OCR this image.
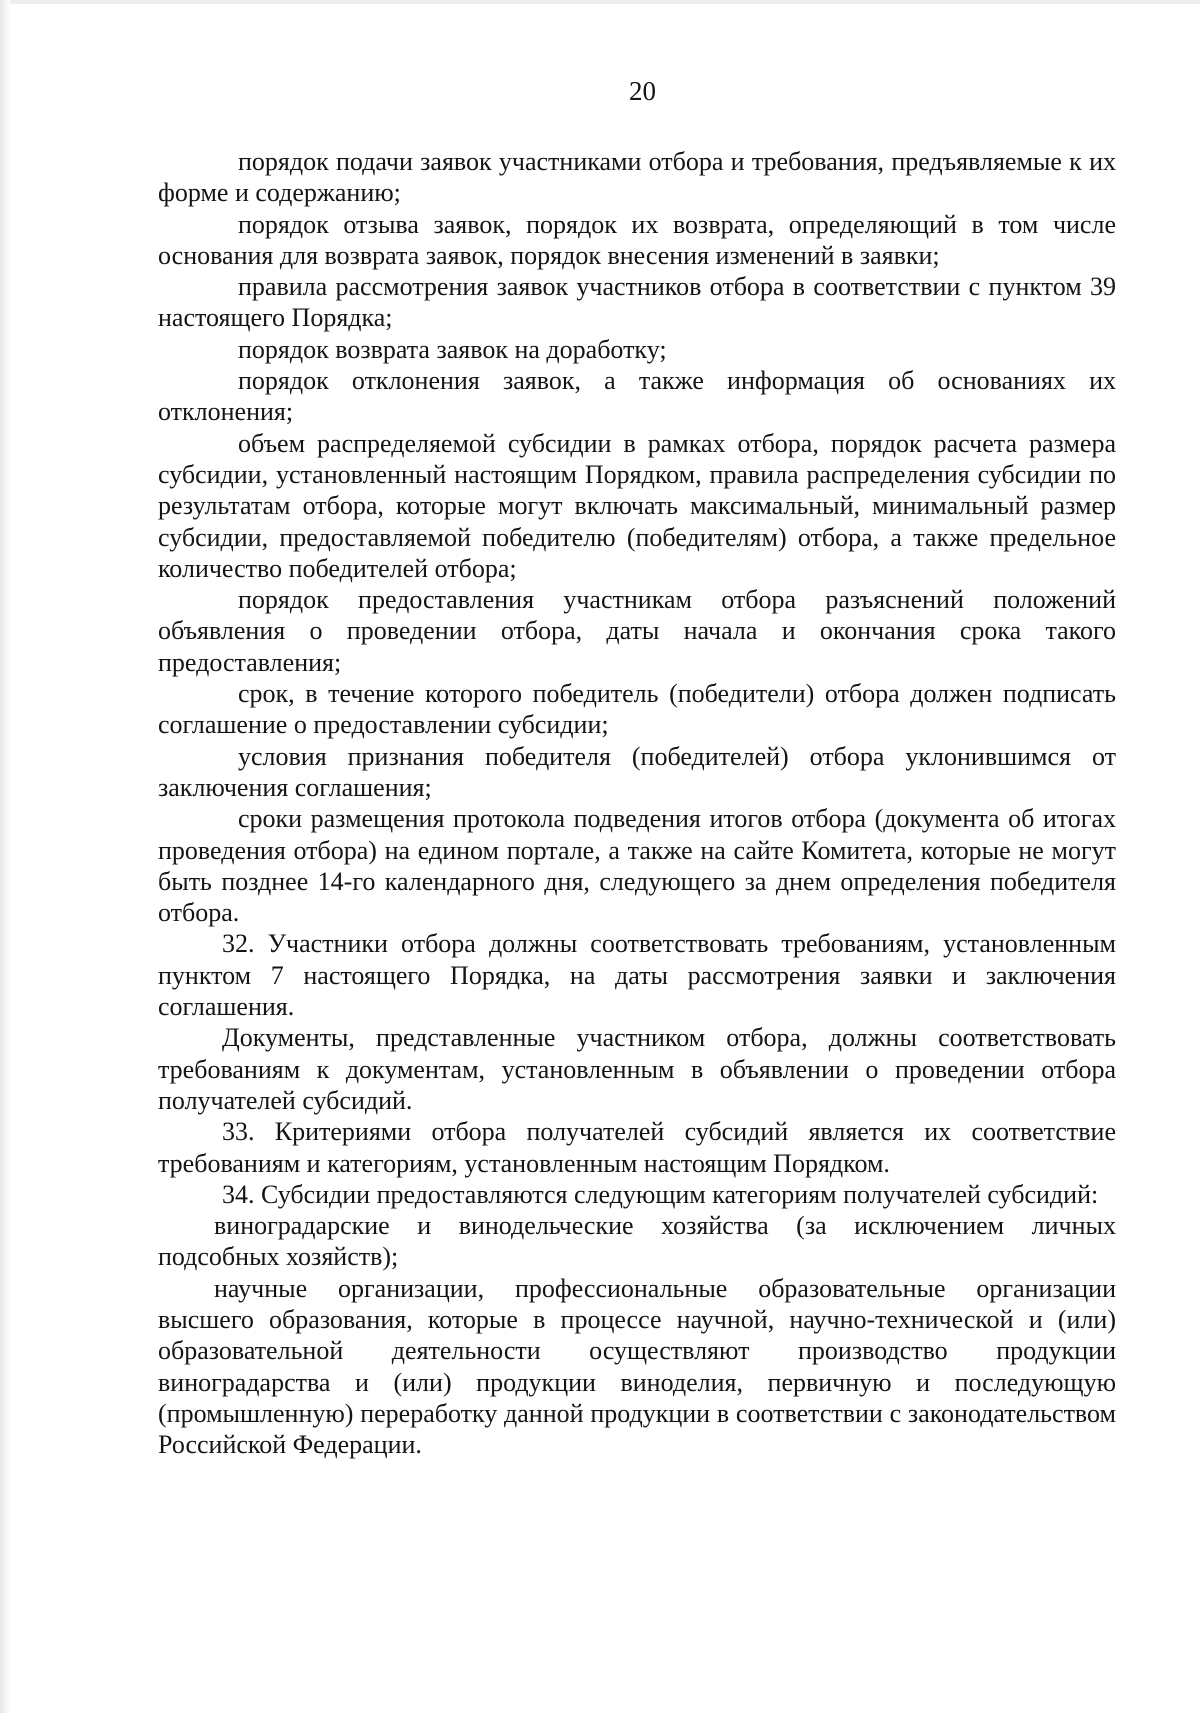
20

порядок подачи заявок участниками отбора и требования, предъявляемые к их форме и содержанию;

порядок отзыва заявок, порядок их возврата, определяющий в том числе основания для возврата заявок, порядок внесения изменений в заявки;

правила рассмотрения заявок участников отбора в соответствии с пунктом 39 настоящего Порядка;

порядок возврата заявок на доработку;

порядок отклонения заявок, а также информация об основаниях их отклонения;

объем распределяемой субсидии в рамках отбора, порядок расчета размера субсидии, установленный настоящим Порядком, правила распределения субсидии по результатам отбора, которые могут включать максимальный, минимальный размер субсидии, предоставляемой победителю (победителям) отбора, а также предельное количество победителей отбора;

порядок предоставления участникам отбора разъяснений положений объявления о проведении отбора, даты начала и окончания срока такого предоставления;

срок, в течение которого победитель (победители) отбора должен подписать соглашение о предоставлении субсидии;

условия признания победителя (победителей) отбора уклонившимся от заключения соглашения;

сроки размещения протокола подведения итогов отбора (документа об итогах проведения отбора) на едином портале, а также на сайте Комитета, которые не могут быть позднее 14-го календарного дня, следующего за днем определения победителя отбора.

32. Участники отбора должны соответствовать требованиям, установленным пунктом 7 настоящего Порядка, на даты рассмотрения заявки и заключения соглашения.

Документы, представленные участником отбора, должны соответствовать требованиям к документам, установленным в объявлении о проведении отбора получателей субсидий.

33. Критериями отбора получателей субсидий является их соответствие требованиям и категориям, установленным настоящим Порядком.

34. Субсидии предоставляются следующим категориям получателей субсидий:

виноградарские и винодельческие хозяйства (за исключением личных подсобных хозяйств);

научные организации, профессиональные образовательные организации высшего образования, которые в процессе научной, научно-технической и (или) образовательной деятельности осуществляют производство продукции виноградарства и (или) продукции виноделия, первичную и последующую (промышленную) переработку данной продукции в соответствии с законодательством Российской Федерации.
